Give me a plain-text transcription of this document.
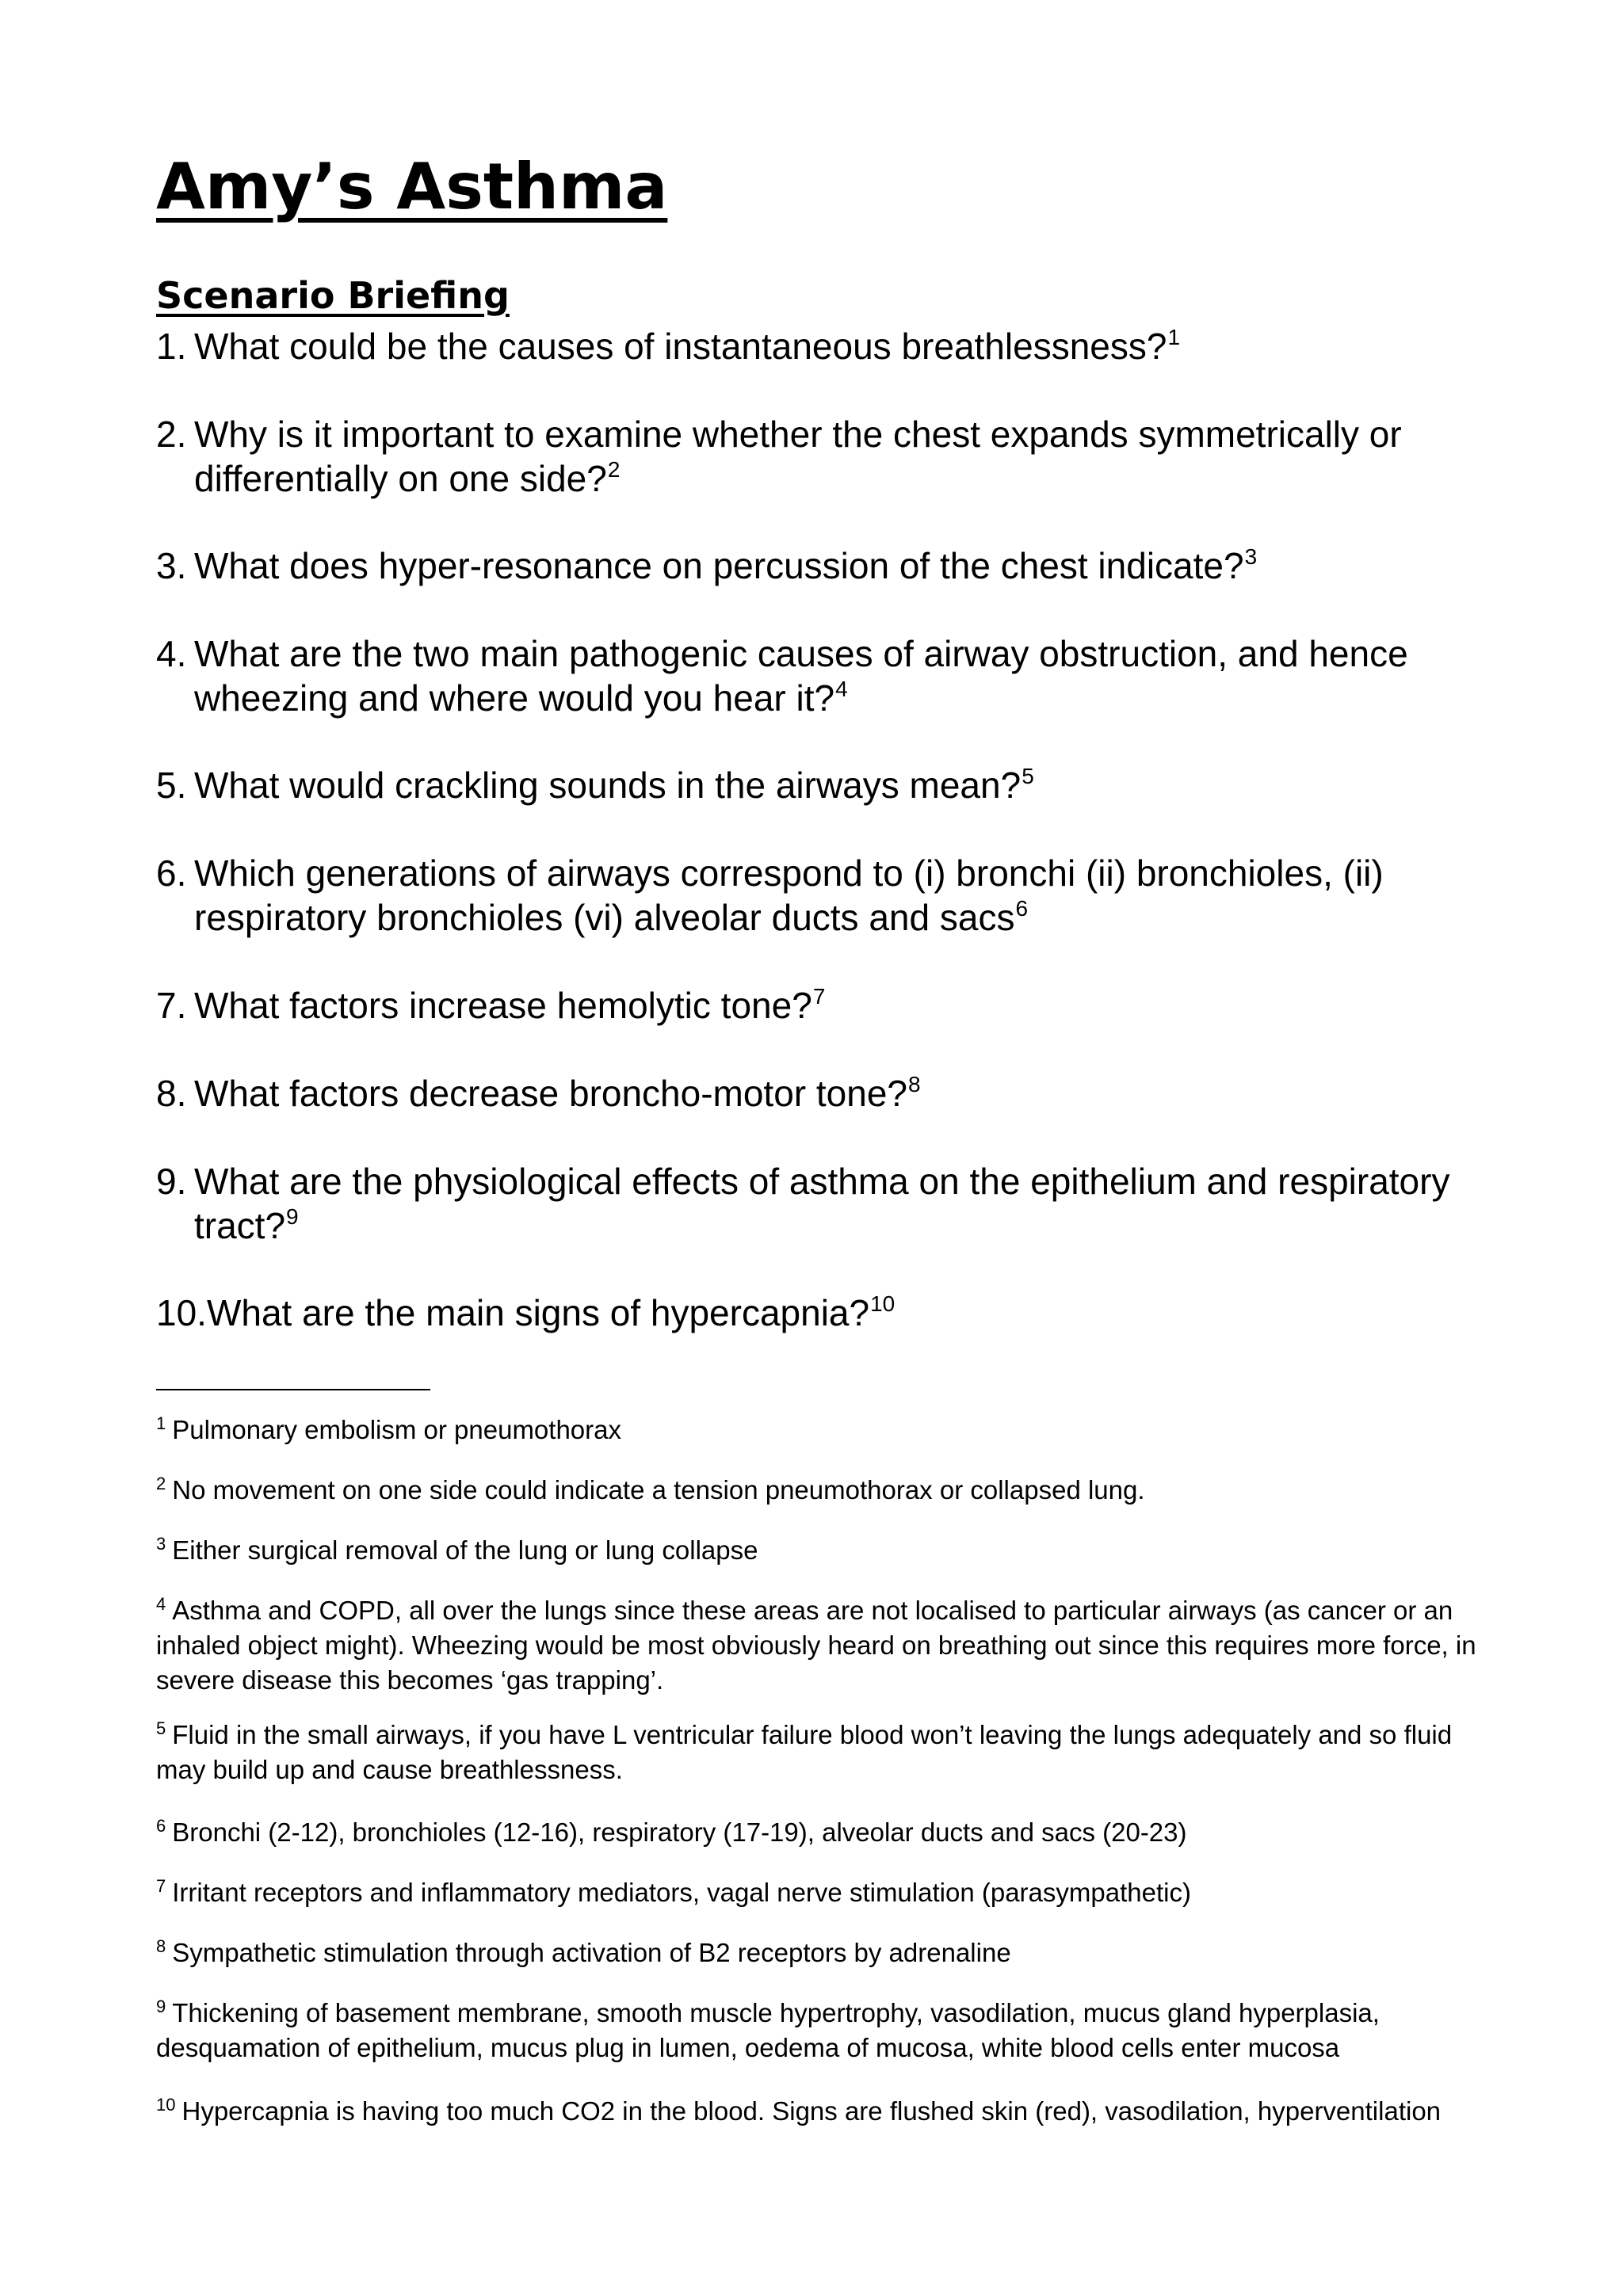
Amy’s Asthma
Scenario Briefing
1. What could be the causes of instantaneous breathlessness?$^1$
2. Why is it important to examine whether the chest expands symmetrically or differentially on one side?$^2$
3. What does hyper-resonance on percussion of the chest indicate?$^3$
4. What are the two main pathogenic causes of airway obstruction, and hence wheezing and where would you hear it?$^4$
5. What would crackling sounds in the airways mean?$^5$
6. Which generations of airways correspond to (i) bronchi (ii) bronchioles, (ii) respiratory bronchioles (vi) alveolar ducts and sacs$^6$
7. What factors increase hemolytic tone?$^7$
8. What factors decrease broncho-motor tone?$^8$
9. What are the physiological effects of asthma on the epithelium and respiratory tract?$^9$
10. What are the main signs of hypercapnia?$^{10}$
$^1$ Pulmonary embolism or pneumothorax
$^2$ No movement on one side could indicate a tension pneumothorax or collapsed lung.
$^3$ Either surgical removal of the lung or lung collapse
$^4$ Asthma and COPD, all over the lungs since these areas are not localised to particular airways (as cancer or an inhaled object might). Wheezing would be most obviously heard on breathing out since this requires more force, in severe disease this becomes ‘gas trapping’.
$^5$ Fluid in the small airways, if you have L ventricular failure blood won’t leaving the lungs adequately and so fluid may build up and cause breathlessness.
$^6$ Bronchi (2-12), bronchioles (12-16), respiratory (17-19), alveolar ducts and sacs (20-23)
$^7$ Irritant receptors and inflammatory mediators, vagal nerve stimulation (parasympathetic)
$^8$ Sympathetic stimulation through activation of B2 receptors by adrenaline
$^9$ Thickening of basement membrane, smooth muscle hypertrophy, vasodilation, mucus gland hyperplasia, desquamation of epithelium, mucus plug in lumen, oedema of mucosa, white blood cells enter mucosa
$^{10}$ Hypercapnia is having too much CO2 in the blood. Signs are flushed skin (red), vasodilation, hyperventilation
